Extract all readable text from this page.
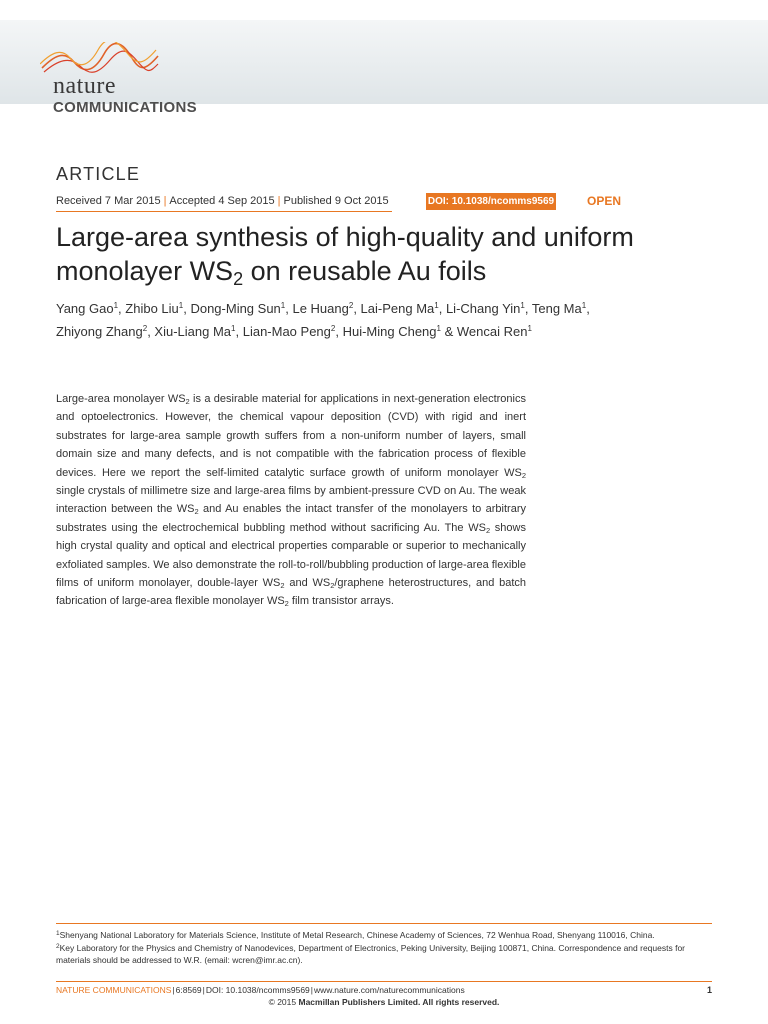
nature
COMMUNICATIONS
ARTICLE
Received 7 Mar 2015 | Accepted 4 Sep 2015 | Published 9 Oct 2015	DOI: 10.1038/ncomms9569	OPEN
Large-area synthesis of high-quality and uniform
monolayer $WS_2$ on reusable Au foils
Yang Gao$^1$, Zhibo Liu$^1$, Dong-Ming Sun$^1$, Le Huang$^2$, Lai-Peng Ma$^1$, Li-Chang Yin$^1$, Teng Ma$^1$,
Zhiyong Zhang$^2$, Xiu-Liang Ma$^1$, Lian-Mao Peng$^2$, Hui-Ming Cheng$^1$ & Wencai Ren$^1$
Large-area monolayer $WS_2$ is a desirable material for applications in next-generation electronics and optoelectronics. However, the chemical vapour deposition (CVD) with rigid and inert substrates for large-area sample growth suffers from a non-uniform number of layers, small domain size and many defects, and is not compatible with the fabrication process of flexible devices. Here we report the self-limited catalytic surface growth of uniform monolayer $WS_2$ single crystals of millimetre size and large-area films by ambient-pressure CVD on Au. The weak interaction between the $WS_2$ and Au enables the intact transfer of the monolayers to arbitrary substrates using the electrochemical bubbling method without sacrificing Au. The $WS_2$ shows high crystal quality and optical and electrical properties comparable or superior to mechanically exfoliated samples. We also demonstrate the roll-to-roll/bubbling production of large-area flexible films of uniform monolayer, double-layer $WS_2$ and $WS_2$/graphene heterostructures, and batch fabrication of large-area flexible monolayer $WS_2$ film transistor arrays.

$^1$Shenyang National Laboratory for Materials Science, Institute of Metal Research, Chinese Academy of Sciences, 72 Wenhua Road, Shenyang 110016, China.

$^2$Key Laboratory for the Physics and Chemistry of Nanodevices, Department of Electronics, Peking University, Beijing 100871, China. Correspondence and requests for materials should be addressed to W.R. (email: wcren@imr.ac.cn).

NATURE COMMUNICATIONS|6:8569|DOI: 10.1038/ncomms9569|www.nature.com/naturecommunications	1
© 2015 Macmillan Publishers Limited. All rights reserved.
